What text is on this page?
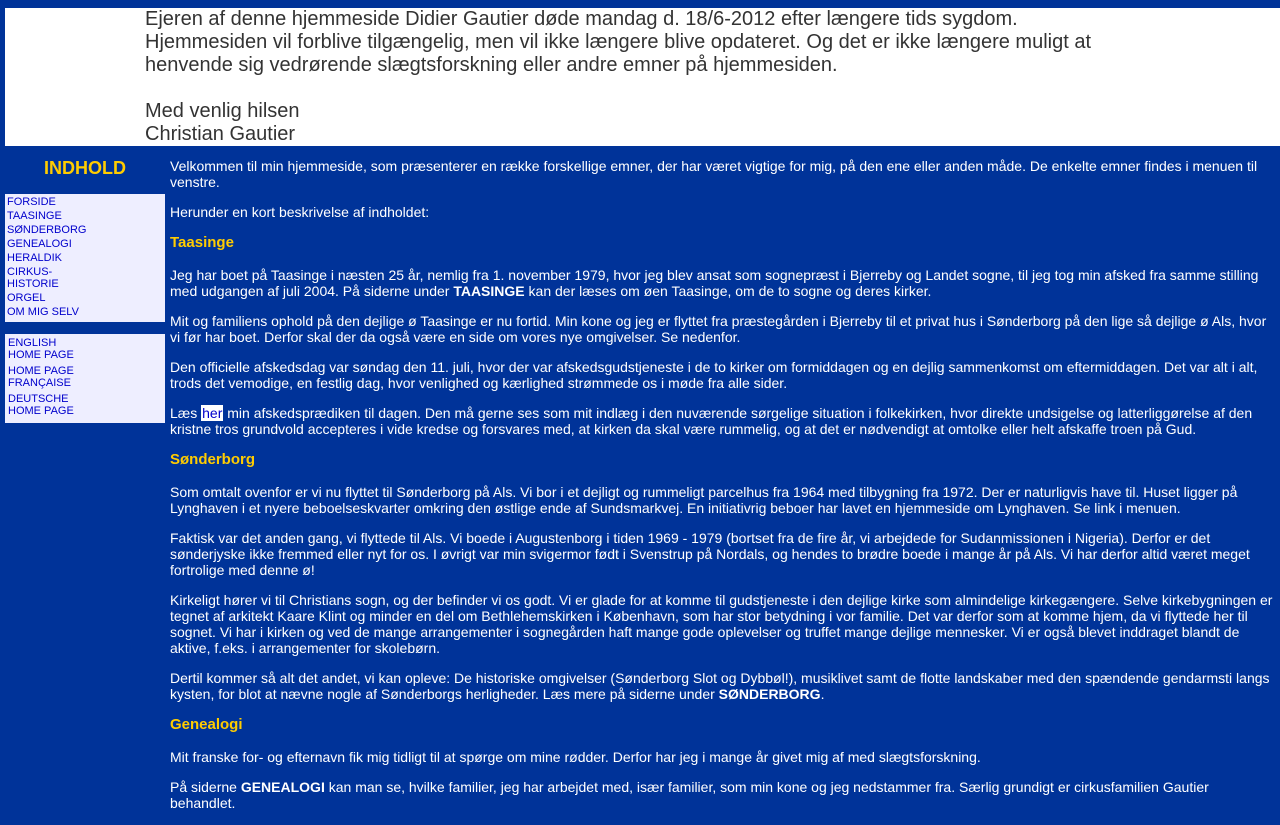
Ejeren af denne hjemmeside Didier Gautier døde mandag d. 18/6-2012 efter længere tids sygdom.

Hjemmesiden vil forblive tilgængelig, men vil ikke længere blive opdateret. Og det er ikke længere muligt at henvende sig vedrørende slægtsforskning eller andre emner på hjemmesiden.

Med venlig hilsen

Christian Gautier

INDHOLD
FORSIDE
TAASINGE
SØNDERBORG
GENEALOGI
HERALDIK
CIRKUS-
HISTORIE
ORGEL
OM MIG SELV
ENGLISH
HOME PAGE
HOME PAGE
FRANÇAISE
DEUTSCHE
HOME PAGE

Velkommen til min hjemmeside, som præsenterer en række forskellige emner, der har været vigtige for mig, på den ene eller anden måde. De enkelte emner findes i menuen til venstre.

Herunder en kort beskrivelse af indholdet:

Taasinge

Jeg har boet på Taasinge i næsten 25 år, nemlig fra 1. november 1979, hvor jeg blev ansat som sognepræst i Bjerreby og Landet sogne, til jeg tog min afsked fra samme stilling med udgangen af juli 2004. På siderne under TAASINGE kan der læses om øen Taasinge, om de to sogne og deres kirker.

Mit og familiens ophold på den dejlige ø Taasinge er nu fortid. Min kone og jeg er flyttet fra præstegården i Bjerreby til et privat hus i Sønderborg på den lige så dejlige ø Als, hvor vi før har boet. Derfor skal der da også være en side om vores nye omgivelser. Se nedenfor.

Den officielle afskedsdag var søndag den 11. juli, hvor der var afskedsgudstjeneste i de to kirker om formiddagen og en dejlig sammenkomst om eftermiddagen. Det var alt i alt, trods det vemodige, en festlig dag, hvor venlighed og kærlighed strømmede os i møde fra alle sider.

Læs her min afskedsprædiken til dagen. Den må gerne ses som mit indlæg i den nuværende sørgelige situation i folkekirken, hvor direkte undsigelse og latterliggørelse af den kristne tros grundvold accepteres i vide kredse og forsvares med, at kirken da skal være rummelig, og at det er nødvendigt at omtolke eller helt afskaffe troen på Gud.

Sønderborg

Som omtalt ovenfor er vi nu flyttet til Sønderborg på Als. Vi bor i et dejligt og rummeligt parcelhus fra 1964 med tilbygning fra 1972. Der er naturligvis have til. Huset ligger på Lynghaven i et nyere beboelseskvarter omkring den østlige ende af Sundsmarkvej. En initiativrig beboer har lavet en hjemmeside om Lynghaven. Se link i menuen.

Faktisk var det anden gang, vi flyttede til Als. Vi boede i Augustenborg i tiden 1969 - 1979 (bortset fra de fire år, vi arbejdede for Sudanmissionen i Nigeria). Derfor er det sønderjyske ikke fremmed eller nyt for os. I øvrigt var min svigermor født i Svenstrup på Nordals, og hendes to brødre boede i mange år på Als. Vi har derfor altid været meget fortrolige med denne ø!

Kirkeligt hører vi til Christians sogn, og der befinder vi os godt. Vi er glade for at komme til gudstjeneste i den dejlige kirke som almindelige kirkegængere. Selve kirkebygningen er tegnet af arkitekt Kaare Klint og minder en del om Bethlehemskirken i København, som har stor betydning i vor familie. Det var derfor som at komme hjem, da vi flyttede her til sognet. Vi har i kirken og ved de mange arrangementer i sognegården haft mange gode oplevelser og truffet mange dejlige mennesker. Vi er også blevet inddraget blandt de aktive, f.eks. i arrangementer for skolebørn.

Dertil kommer så alt det andet, vi kan opleve: De historiske omgivelser (Sønderborg Slot og Dybbøl!), musiklivet samt de flotte landskaber med den spændende gendarmsti langs kysten, for blot at nævne nogle af Sønderborgs herligheder. Læs mere på siderne under SØNDERBORG.

Genealogi

Mit franske for- og efternavn fik mig tidligt til at spørge om mine rødder. Derfor har jeg i mange år givet mig af med slægtsforskning.

På siderne GENEALOGI kan man se, hvilke familier, jeg har arbejdet med, især familier, som min kone og jeg nedstammer fra. Særlig grundigt er cirkusfamilien Gautier behandlet.
